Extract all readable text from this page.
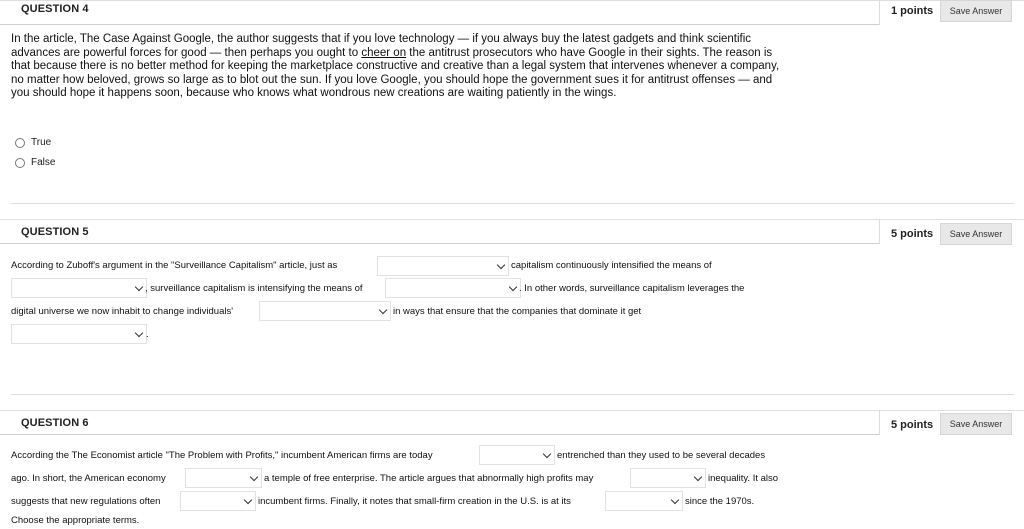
QUESTION 4	1 points	Save Answer
In the article, The Case Against Google, the author suggests that if you love technology — if you always buy the latest gadgets and think scientific advances are powerful forces for good — then perhaps you ought to cheer on the antitrust prosecutors who have Google in their sights. The reason is that because there is no better method for keeping the marketplace constructive and creative than a legal system that intervenes whenever a company, no matter how beloved, grows so large as to blot out the sun. If you love Google, you should hope the government sues it for antitrust offenses — and you should hope it happens soon, because who knows what wondrous new creations are waiting patiently in the wings.
True
False
QUESTION 5	5 points	Save Answer
According to Zuboff's argument in the "Surveillance Capitalism" article, just as	capitalism continuously intensified the means of
, surveillance capitalism is intensifying the means of	. In other words, surveillance capitalism leverages the
digital universe we now inhabit to change individuals'	in ways that ensure that the companies that dominate it get
.
QUESTION 6	5 points	Save Answer
According the The Economist article "The Problem with Profits," incumbent American firms are today	entrenched than they used to be several decades
ago. In short, the American economy	a temple of free enterprise. The article argues that abnormally high profits may	inequality. It also
suggests that new regulations often	incumbent firms. Finally, it notes that small-firm creation in the U.S. is at its	since the 1970s.
Choose the appropriate terms.
